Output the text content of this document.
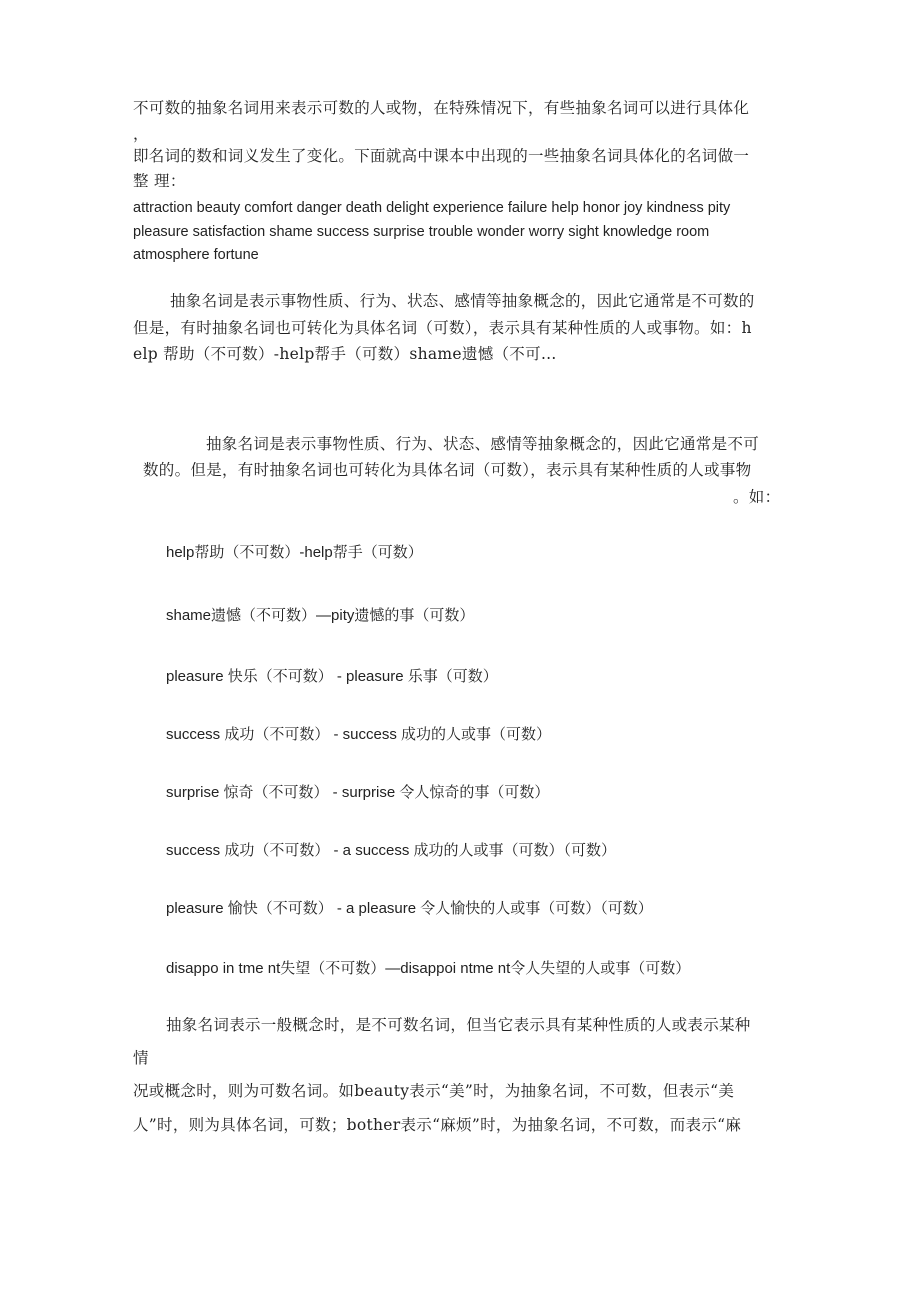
不可数的抽象名词用来表示可数的人或物，在特殊情况下，有些抽象名词可以进行具体化
，
即名词的数和词义发生了变化。下面就高中课本中出现的一些抽象名词具体化的名词做一
整 理：
attraction beauty comfort danger death delight experience failure help honor joy kindness pity
pleasure satisfaction shame success surprise trouble wonder worry sight knowledge room
atmosphere fortune
抽象名词是表示事物性质、行为、状态、感情等抽象概念的，因此它通常是不可数的
但是，有时抽象名词也可转化为具体名词（可数），表示具有某种性质的人或事物。如：h
elp 帮助（不可数）-help帮手（可数）shame遗憾（不可…
抽象名词是表示事物性质、行为、状态、感情等抽象概念的，因此它通常是不可
数的。但是，有时抽象名词也可转化为具体名词（可数），表示具有某种性质的人或事物
。如：
help帮助（不可数）-help帮手（可数）
shame遗憾（不可数）—pity遗憾的事（可数）
pleasure 快乐（不可数） - pleasure 乐事（可数）
success 成功（不可数） - success 成功的人或事（可数）
surprise 惊奇（不可数） - surprise 令人惊奇的事（可数）
success 成功（不可数） - a success 成功的人或事（可数）（可数）
pleasure 愉快（不可数） - a pleasure 令人愉快的人或事（可数）（可数）
disappo in tme nt失望（不可数）—disappoi ntme nt令人失望的人或事（可数）
抽象名词表示一般概念时，是不可数名词，但当它表示具有某种性质的人或表示某种
情
况或概念时，则为可数名词。如beauty表示“美”时，为抽象名词，不可数，但表示“美
人”时，则为具体名词，可数；bother表示“麻烦”时，为抽象名词，不可数，而表示“麻
